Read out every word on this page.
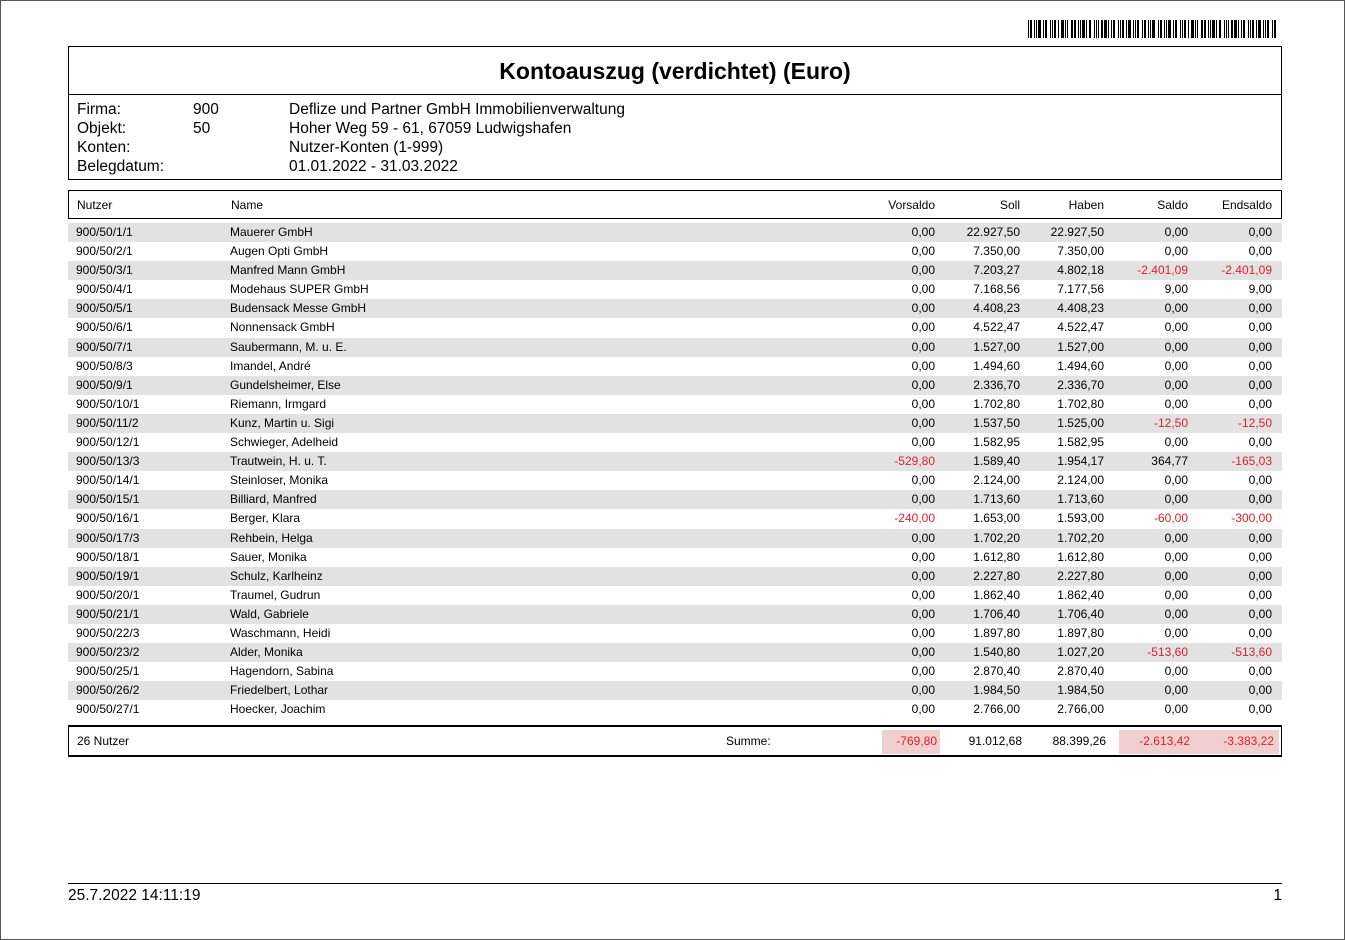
Kontoauszug (verdichtet) (Euro)
Firma:	900	Deflize und Partner GmbH Immobilienverwaltung
Objekt:	50	Hoher Weg 59 - 61, 67059 Ludwigshafen
Konten:	Nutzer-Konten (1-999)
Belegdatum:	01.01.2022 - 31.03.2022
Nutzer	Name	Vorsaldo	Soll	Haben	Saldo	Endsaldo
900/50/1/1	Mauerer GmbH	0,00	22.927,50	22.927,50	0,00	0,00
900/50/2/1	Augen Opti GmbH	0,00	7.350,00	7.350,00	0,00	0,00
900/50/3/1	Manfred Mann GmbH	0,00	7.203,27	4.802,18	-2.401,09	-2.401,09
900/50/4/1	Modehaus SUPER GmbH	0,00	7.168,56	7.177,56	9,00	9,00
900/50/5/1	Budensack Messe GmbH	0,00	4.408,23	4.408,23	0,00	0,00
900/50/6/1	Nonnensack GmbH	0,00	4.522,47	4.522,47	0,00	0,00
900/50/7/1	Saubermann, M. u. E.	0,00	1.527,00	1.527,00	0,00	0,00
900/50/8/3	Imandel, André	0,00	1.494,60	1.494,60	0,00	0,00
900/50/9/1	Gundelsheimer, Else	0,00	2.336,70	2.336,70	0,00	0,00
900/50/10/1	Riemann, Irmgard	0,00	1.702,80	1.702,80	0,00	0,00
900/50/11/2	Kunz, Martin u. Sigi	0,00	1.537,50	1.525,00	-12,50	-12,50
900/50/12/1	Schwieger, Adelheid	0,00	1.582,95	1.582,95	0,00	0,00
900/50/13/3	Trautwein, H. u. T.	-529,80	1.589,40	1.954,17	364,77	-165,03
900/50/14/1	Steinloser, Monika	0,00	2.124,00	2.124,00	0,00	0,00
900/50/15/1	Billiard, Manfred	0,00	1.713,60	1.713,60	0,00	0,00
900/50/16/1	Berger, Klara	-240,00	1.653,00	1.593,00	-60,00	-300,00
900/50/17/3	Rehbein, Helga	0,00	1.702,20	1.702,20	0,00	0,00
900/50/18/1	Sauer, Monika	0,00	1.612,80	1.612,80	0,00	0,00
900/50/19/1	Schulz, Karlheinz	0,00	2.227,80	2.227,80	0,00	0,00
900/50/20/1	Traumel, Gudrun	0,00	1.862,40	1.862,40	0,00	0,00
900/50/21/1	Wald, Gabriele	0,00	1.706,40	1.706,40	0,00	0,00
900/50/22/3	Waschmann, Heidi	0,00	1.897,80	1.897,80	0,00	0,00
900/50/23/2	Alder, Monika	0,00	1.540,80	1.027,20	-513,60	-513,60
900/50/25/1	Hagendorn, Sabina	0,00	2.870,40	2.870,40	0,00	0,00
900/50/26/2	Friedelbert, Lothar	0,00	1.984,50	1.984,50	0,00	0,00
900/50/27/1	Hoecker, Joachim	0,00	2.766,00	2.766,00	0,00	0,00
26 Nutzer	Summe:	-769,80	91.012,68	88.399,26	-2.613,42	-3.383,22
25.7.2022 14:11:19	1
